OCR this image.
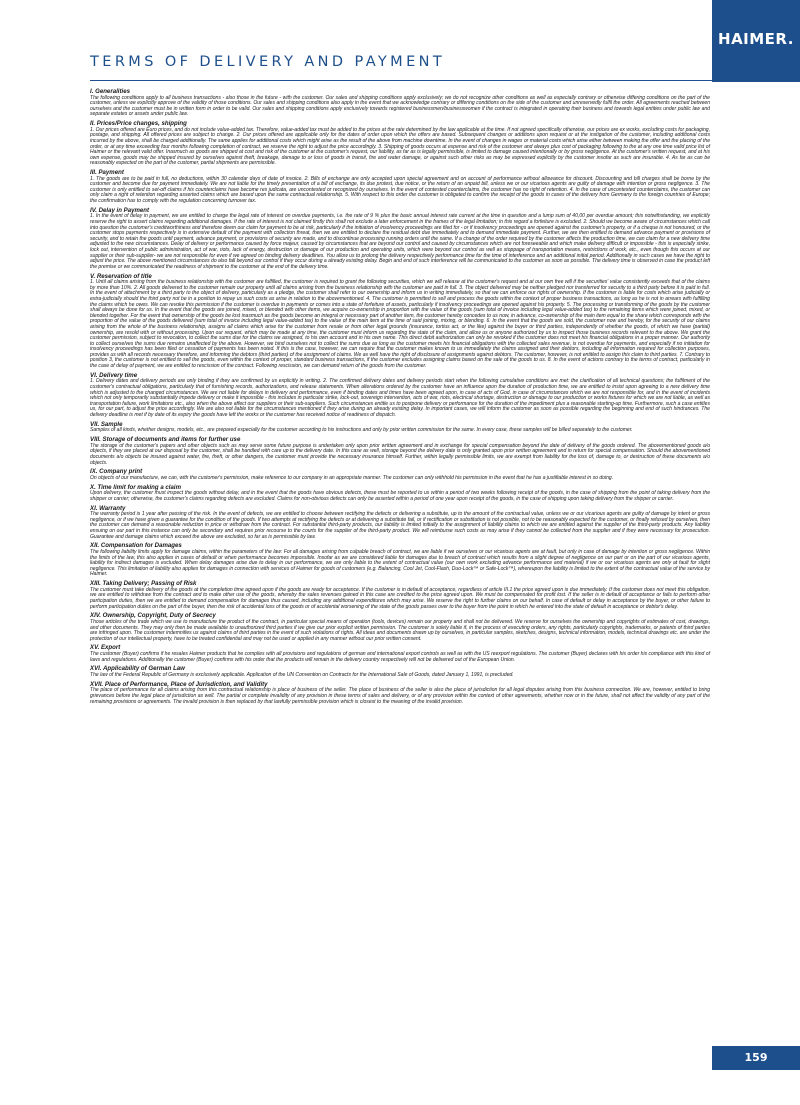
HAIMER.
TERMS OF DELIVERY AND PAYMENT
I. Generalities
The following conditions apply to all business transactions - also those in the future - with the customer. Our sales and shipping conditions apply exclusively; we do not recognize other conditions as well as especially contrary or otherwise differing conditions on the part of the customer, unless we explicitly approve of the validity of those conditions. Our sales and shipping conditions also apply in the event that we acknowledge contrary or differing conditions on the side of the customer and unreservedly fulfil the order. All agreements reached between ourselves and the customer must be in written form in order to be valid. Our sales and shipping conditions apply exclusively towards registered businessmen/businesswomen if the contract is integrated in operating their business and towards legal entities under public law and separate estates or assets under public law.
II. Prices/Price changes, shipping
1. Our prices offered are Euro prices, and do not include value-added tax. Therefore, value-added tax must be added to the prices at the rate determined by the law applicable at the time. If not agreed specifically otherwise, our prices are ex works, excluding costs for packaging, postage, and shipping. All offered prices are subject to change. 2. Our prices offered are applicable only for the dates of order upon which the offers are based. Subsequent changes or additions upon request or at the instigation of the customer, including additional costs incurred by the above, shall be charged additionally. The same applies for additional costs which might arise as the result of the above from machine downtime. In the event of changes in wages or material costs which arise either between making the offer and the placing of the order, or at any time exceeding four months following completion of contract, we reserve the right to adjust the price accordingly. 3. Shipping of goods occurs at expense and risk of the customer and always plus cost of packaging following to the at any one time valid price list of Haimer or the relevant valid offer. Inasmuch as goods are shipped at cost and risk of the customer at the customer's request, our liability, as far as is legally permissible, is limited to damage caused intentionally or by gross negligence. At the customer's written request, and at his own expense, goods may be shipped insured by ourselves against theft, breakage, damage to or loss of goods in transit, fire and water damage, or against such other risks as may be expressed explicitly by the customer insofar as such are insurable. 4. As far as can be reasonably expected on the part of the customer, partial shipments are permissible.
III. Payment
1. The goods are to be paid in full, no deductions, within 30 calendar days of date of invoice. 2. Bills of exchange are only accepted upon special agreement and on account of performance without allowance for discount. Discounting and bill charges shall be borne by the customer and become due for payment immediately. We are not liable for the timely presentation of a bill of exchange, its due protest, due notice, or the return of an unpaid bill, unless we or our vicarious agents are guilty of damage with intention or gross negligence. 3. The customer is only entitled to set-off claims if his counterclaims have become res judicata, are uncontested or recognized by ourselves. In the event of contested counterclaims, the customer has no right of retention. 4. In the case of uncontested counterclaims, the customer can only claim a right of retention regarding asserted claims which are based upon the same contractual relationship. 5. With respect to this order the customer is obligated to confirm the receipt of the goods in cases of the delivery from Germany to the foreign countries of Europe; the confirmation has to comply with the regulation concerning turnover tax.
IV. Delay in Payment
1. In the event of delay in payment, we are entitled to charge the legal rate of interest on overdue payments, i.e. the rate of 9 % plus the basic annual interest rate current at the time in question and a lump sum of 40,00 per overdue amount; this notwithstanding, we explicitly reserve the right to assert claims regarding additional damages. If the rate of interest is not claimed firstly this shall not exclude a later enforcement in the frames of the legal limitation; in this regard a forfeiture is excluded. 2. Should we become aware of circumstances which call into question the customer's creditworthiness and therefore deem our claim for payment to be at risk, particularly if the initiation of insolvency proceedings are filed for - or if insolvency proceedings are opened against the customer's property, or if a cheque is not honoured, or the customer stops payments respectively is in extensive default of the payment with collection threat, then we are entitled to declare the residual debt due immediately and to demand immediate payment. Further, we are then entitled to demand advance payment or provisions of security, and to retain the goods until payment, advance payment, or provisions of security are made, and to discontinue processing running orders until the same. If a change of the order required by the customer affects the production time, we can claim for a new delivery time adjusted to the new circumstances. Delay of delivery or performance caused by force majeur, caused by circumstances that are beyond our control and caused by circumstances which are not foreseeable and which make delivery difficult or impossible - this is especially strike, lock out, intervention of public administration, act of war, riots, lack of energy, destruction or damage of our production and operating units, which were beyond our control as well as stoppage of transportation means, restrictions of work, etc., even though this occurs at our supplier or their sub-supplier- we are not responsible for even if we agreed on binding delivery deadlines. You allow us to prolong the delivery respectively performance time for the time of interference and an additional initial period. Additionally in such cases we have the right to adjust the price. The above mentioned circumstances do also fall beyond our control if they occur during a already existing delay. Begin and end of such interference will be communicated to the customer as soon as possible. The delivery time is observed in case the product left the premise or we communicated the readiness of shipment to the customer at the end of the delivery time.
V. Reservation of title
1. Until all claims arising from the business relationship with the customer are fulfilled, the customer is required to grant the following securities, which we will release at the customer's request and at our own free will if the securities' value consistently exceeds that of the claims by more than 10%. 2. All goods delivered to the customer remain our property until all claims arising from the business relationship with the customer are paid in full. 3. The object delivered may be neither pledged nor transferred for security to a third party before it is paid in full. In the event of attachment by a third party to the object of delivery, particularly as a pledge, the customer shall refer to our ownership and inform us in writing immediately, so that we can enforce our rights of ownership. If the customer is liable for costs which arise judicially or extra-judicially should the third party not be in a position to repay us such costs as arise in relation to the abovementioned. 4. The customer is permitted to sell and process the goods within the context of proper business transactions, as long as he is not in arrears with fulfilling the claims which he owes. We can revoke this permission if the customer is overdue in payments or comes into a state of forfeiture of assets, particularly if insolvency proceedings are opened against his property. 5. The processing or transforming of the goods by the customer shall always be done for us. In the event that the goods are joined, mixed, or blended with other items, we acquire co-ownership in proportion with the value of the goods (sum total of invoice including legal value-added tax) to the remaining items which were joined, mixed, or blended together. For the event that ownership of the goods be lost inasmuch as the goods become an integral or necessary part of another item, the customer hereby concedes to us now, in advance, co-ownership of the main item equal to the share which corresponds with the proportion of the value of the goods delivered (sum total of invoice including legal value-added tax) to the value of the main item at the time of said joining, mixing, or blending. 6. In the event that the goods are sold, the customer now and hereby, for the security of our claims arising from the whole of the business relationship, assigns all claims which arise for the customer from resale or from other legal grounds (insurance, tortius act, or the like) against the buyer or third parties, independently of whether the goods, of which we have (partial) ownership, are resold with or without processing. Upon our request, which may be made at any time, the customer must inform us regarding the state of the claim, and allow us or anyone authorized by us to inspect those business records relevant to the above. We grant the customer permission, subject to revocation, to collect the sums due for the claims we assigned, to his own account and in his own name. This direct debit authorization can only be revoked if the customer does not meet his financial obligations in a proper manner. Our authority to collect ourselves the sums due remains unaffected by the above. However, we bind ourselves not to collect the sums due as long as the customer meets his financial obligations with the collected sales revenue, is not overdue for payments, and especially if no initiation for insolvency proceedings has been filed or cessation of payments has been noted. If this is the case, however, we can require that the customer makes known to us immediately the claims assigned and their debtors, including all information required for collection purposes, provides us with all records necessary therefore, and informing the debtors (third parties) of the assignment of claims. We as well have the right of disclosure of assignments against debtors. The customer, however, is not entitled to assign this claim to third parties. 7. Contrary to position 3, the customer is not entitled to sell the goods, even within the context of proper, standard business transactions, if the customer excludes assigning claims based on the sale of the goods to us. 8. In the event of actions contrary to the terms of contract, particularly in the case of delay of payment, we are entitled to rescission of the contract. Following rescission, we can demand return of the goods from the customer.
VI. Delivery time
1. Delivery dates and delivery periods are only binding if they are confirmed by us explicitly in writing. 2. The confirmed delivery dates and delivery periods start when the following cumulative conditions are met: the clarification of all technical questions; the fulfilment of the customer's contractual obligations, particularly that of furnishing records, authorizations, and release statements. When alterations ordered by the customer have an influence upon the duration of production time, we are entitled to insist upon agreeing to a new delivery time which is adjusted to the changed circumstances. We are not liable for delays in delivery and performance, even if binding dates and times have been agreed upon, in case of acts of God, in case of circumstances which we are not responsible for, and in the event of incidents which not only temporarily substantially impede delivery or make it impossible - this includes in particular strike, lock-out, sovereign intervention, acts of war, riots, electrical shortage, destruction or damage to our production or works fixtures for which we are not liable, as well as transportation failure, work limitations etc., also when the above affect our suppliers or their sub-suppliers. Such circumstances entitle us to postpone delivery or performance for the duration of the impediment plus a reasonable starting-up time. Furthermore, such a case entitles us, for our part, to adjust the price accordingly. We are also not liable for the circumstances mentioned if they arise during an already existing delay. In important cases, we will inform the customer as soon as possible regarding the beginning and end of such hindrances. The delivery deadline is met if by date of its expiry the goods have left the works or the customer has received notice of readiness of dispatch.
VII. Sample
Samples of all kinds, whether designs, models, etc., are prepared especially for the customer according to his instructions and only by prior written commission for the same. In every case, these samples will be billed separately to the customer.
VIII. Storage of documents and items for further use
The storage of the customer's papers and other objects such as may serve some future purpose is undertaken only upon prior written agreement and in exchange for special compensation beyond the date of delivery of the goods ordered. The abovementioned goods a/o objects, if they are placed at our disposal by the customer, shall be handled with care up to the delivery date. In this case as well, storage beyond the delivery date is only granted upon prior written agreement and in return for special compensation. Should the abovementioned documents a/o objects be insured against water, fire, theft, or other dangers, the customer must provide the necessary insurance himself. Further, within legally permissible limits, we are exempt from liability for the loss of, damage to, or destruction of these documents a/o objects.
IX. Company print
On objects of our manufacture, we can, with the customer's permission, make reference to our company in an appropriate manner. The customer can only withhold his permission in the event that he has a justifiable interest in so doing.
X. Time limit for making a claim
Upon delivery, the customer must inspect the goods without delay, and in the event that the goods have obvious defects, these must be reported to us within a period of two weeks following receipt of the goods, in the case of shipping from the point of taking delivery from the shipper or carrier; otherwise, the customer's claims regarding defects are excluded. Claims for non-obvious defects can only be asserted within a period of one year upon receipt of the goods, in the case of shipping upon taking delivery from the shipper or carrier.
XI. Warranty
The warranty period is 1 year after passing of the risk. In the event of defects, we are entitled to choose between rectifying the defects or delivering a substitute, up to the amount of the contractual value, unless we or our vicarious agents are guilty of damage by intent or gross negligence, or if we have given a guarantee for the condition of the goods. If two attempts at rectifying the defects or at delivering a substitute fail, or if rectification or substitution is not possible, not to be reasonably expected for the customer, or finally refused by ourselves, then the customer can demand a reasonable reduction in price or withdraw from the contract. For substantial third-party products, our liability is limited initially to the assignment of liability claims to which we are entitled against the supplier of the third-party products. Any liability ensuing on our part in this instance can only be secondary and requires prior recourse to the courts for the supplier of the third-party product. We will reimburse such costs as may arise if they cannot be collected from the supplier and if they were necessary for prosecution. Guarantee and damage claims which exceed the above are excluded, so far as is permissible by law.
XII. Compensation for Damages
The following liability limits apply for damage claims, within the parameters of the law: For all damages arising from culpable breach of contract, we are liable if we ourselves or our vicarious agents are at fault, but only in case of damage by intention or gross negligence. Within the limits of the law, this also applies in cases of default or when performance becomes impossible. Insofar as we are considered liable for damages due to breach of contract which results from a slight degree of negligence on our part or on the part of our vicarious agents, liability for indirect damages is excluded. When delay damages arise due to delay in our performance, we are only liable to the extent of contractual value (our own work excluding advance performance and material) if we or our vicarious agents are only at fault for slight negligence. This limitation of liability also applies for damages in connection with services of Haimer for goods of customers (e.g. Balancing, Cool Jet, Cool-Flash, Duo-Lock™ or Safe-Lock™), whereupon the liability is limited to the extent of the contractual value of the service by Haimer.
XIII. Taking Delivery; Passing of Risk
The customer must take delivery of the goods at the completion time agreed upon if the goods are ready for acceptance. If the customer is in default of acceptance, regardless of article III.1 the price agreed upon is due immediately. If the customer does not meet this obligation, we are entitled to withdraw from the contract and to make other use of the goods, whereby the sales revenues gained in this case are credited to the price agreed upon. We must be compensated for profit lost. If the seller is in default of acceptance or fails to perform other participation duties, then we are entitled to demand compensation for damages thus caused, including any additional expenditures which may arise. We reserve the right to further claims on our behalf. In case of default or delay in acceptance by the buyer, or other failure to perform participation duties on the part of the buyer, then the risk of accidental loss of the goods or of accidental worsening of the state of the goods passes over to the buyer from the point in which he entered into the state of default in acceptance or debtor's delay.
XIV. Ownership, Copyright, Duty of Secrecy
Those articles of the trade which we use to manufacture the product of the contract, in particular special means of operation (tools, devices) remain our property and shall not be delivered. We reserve for ourselves the ownership and copyrights of estimates of cost, drawings, and other documents. They may only then be made available to unauthorized third parties if we give our prior explicit written permission. The customer is solely liable if, in the process of executing orders, any rights, particularly copyrights, trademarks, or patents of third parties are infringed upon. The customer indemnifies us against claims of third parties in the event of such violations of rights. All ideas and documents drawn up by ourselves, in particular samples, sketches, designs, technical information, models, technical drawings etc. are under the protection of our intellectual property, have to be treated confidential and may not be used or applied in any manner without our prior written consent.
XV. Export
The customer (Buyer) confirms if he resales Haimer products that he complies with all provisions and regulations of german and international export controls as well as with the US reexport regulations. The customer (Buyer) declares with his order his compliance with this kind of laws and regulations. Additionally the customer (Buyer) confirms with his order that the products will remain in the delivery country respectively will not be delivered out of the European Union.
XVI. Applicability of German Law
The law of the Federal Republic of Germany is exclusively applicable. Application of the UN Convention on Contracts for the International Sale of Goods, dated January 1, 1991, is precluded.
XVII. Place of Performance, Place of Jurisdiction, and Validity
The place of performance for all claims arising from this contractual relationship is place of business of the seller. The place of business of the seller is also the place of jurisdiction for all legal disputes arising from this business connection. We are, however, entitled to bring grievances before the legal place of jurisdiction as well. The partial or complete invalidity of any provision in these terms of sales and delivery, or of any provision within the context of other agreements, whether now or in the future, shall not affect the validity of any part of the remaining provisions or agreements. The invalid provision is then replaced by that lawfully permissible provision which is closest to the meaning of the invalid provision.
159
